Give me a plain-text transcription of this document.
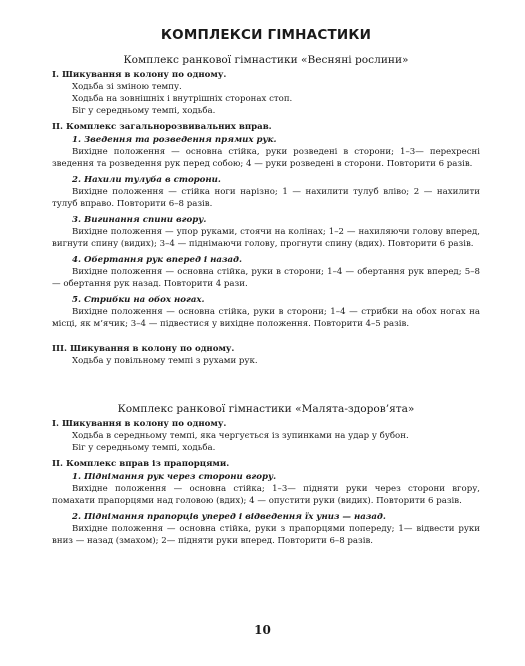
КОМПЛЕКСИ ГІМНАСТИКИ
Комплекс ранкової гімнастики «Весняні рослини»
І. Шикування в колону по одному.
Ходьба зі зміною темпу.
Ходьба на зовнішніх і внутрішніх сторонах стоп.
Біг у середньому темпі, ходьба.
ІІ. Комплекс загальнорозвивальних вправ.
1. Зведення та розведення прямих рук.
Вихідне положення — основна стійка, руки розведені в сторони; 1–3— перехресні зведення та розведення рук перед собою; 4 — руки розведені в сторони. Повторити 6 разів.
2. Нахили тулуба в сторони.
Вихідне положення — стійка ноги нарізно; 1 — нахилити тулуб вліво; 2 — нахилити тулуб вправо. Повторити 6–8 разів.
3. Вигинання спини вгору.
Вихідне положення — упор руками, стоячи на колінах; 1–2 — нахиляючи голову вперед, вигнути спину (видих); 3–4 — піднімаючи голову, прогнути спину (вдих). Повторити 6 разів.
4. Обертання рук вперед і назад.
Вихідне положення — основна стійка, руки в сторони; 1–4 — обертання рук вперед; 5–8 — обертання рук назад. Повторити 4 рази.
5. Стрибки на обох ногах.
Вихідне положення — основна стійка, руки в сторони; 1–4 — стрибки на обох ногах на місці, як м’ячик; 3–4 — підвестися у вихідне положення. Повторити 4–5 разів.
ІІІ. Шикування в колону по одному.
Ходьба у повільному темпі з рухами рук.
Комплекс ранкової гімнастики «Малята-здоров’ята»
І. Шикування в колону по одному.
Ходьба в середньому темпі, яка чергується із зупинками на удар у бубон.
Біг у середньому темпі, ходьба.
ІІ. Комплекс вправ із прапорцями.
1. Піднімання рук через сторони вгору.
Вихідне положення — основна стійка; 1–3— підняти руки через сторони вгору, помахати прапорцями над головою (вдих); 4 — опустити руки (видих). Повторити 6 разів.
2. Піднімання прапорців уперед і відведення їх униз — назад.
Вихідне положення — основна стійка, руки з прапорцями попереду; 1— відвести руки вниз — назад (змахом); 2— підняти руки вперед. Повторити 6–8 разів.
10
